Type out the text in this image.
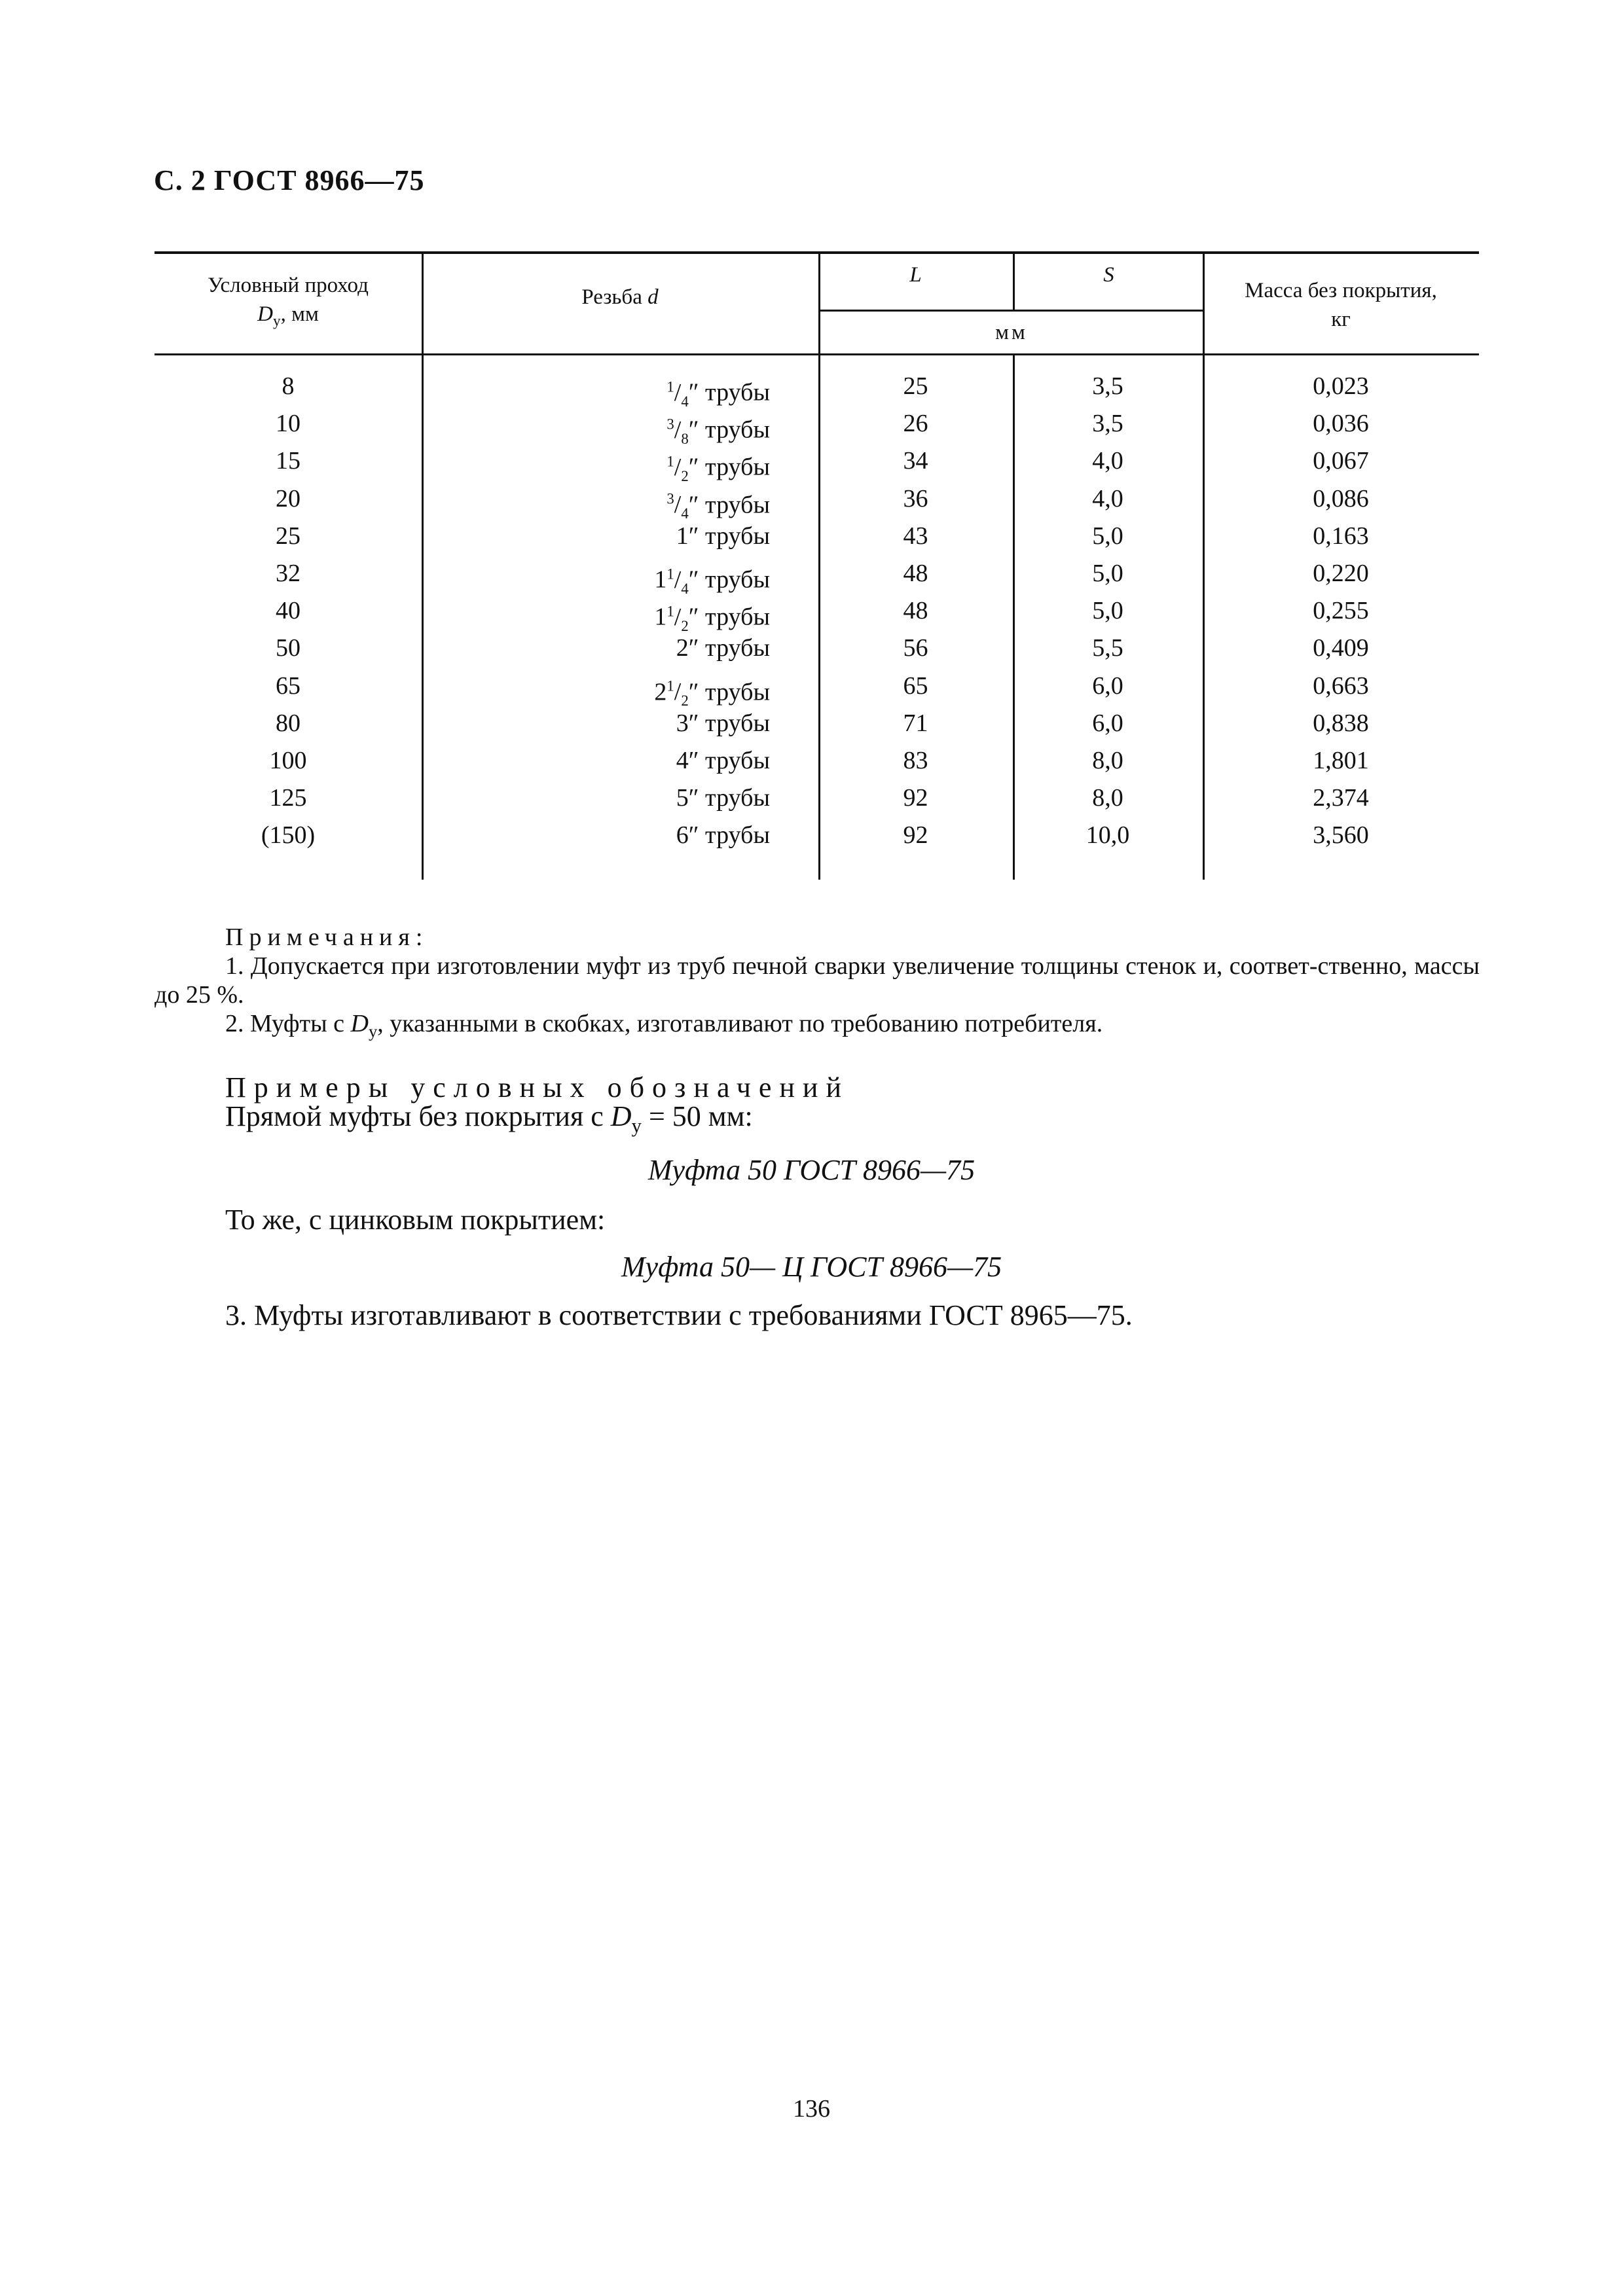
С. 2 ГОСТ 8966—75
Условный проход
$D_у$, мм
Резьба d
L	S
мм
Масса без покрытия,
кг
8
10
15
20
25
32
40
50
65
80
100
125
(150)
$^1/_4''$ трубы
$^3/_8''$ трубы
$^1/_2''$ трубы
$^3/_4''$ трубы
1″ трубы
$1^1/_4''$ трубы
$1^1/_2''$ трубы
2″ трубы
$2^1/_2''$ трубы
3″ трубы
4″ трубы
5″ трубы
6″ трубы
25
26
34
36
43
48
48
56
65
71
83
92
92
3,5
3,5
4,0
4,0
5,0
5,0
5,0
5,5
6,0
6,0
8,0
8,0
10,0
0,023
0,036
0,067
0,086
0,163
0,220
0,255
0,409
0,663
0,838
1,801
2,374
3,560
Примечания:
1. Допускается при изготовлении муфт из труб печной сварки увеличение толщины стенок и, соответ-ственно, массы до 25 %.
2. Муфты с $D_у$, указанными в скобках, изготавливают по требованию потребителя.
Примеры условных обозначений
Прямой муфты без покрытия с $D_у = 50$ мм:
Муфта 50 ГОСТ 8966—75
То же, с цинковым покрытием:
Муфта 50— Ц ГОСТ 8966—75
3. Муфты изготавливают в соответствии с требованиями ГОСТ 8965—75.
136
